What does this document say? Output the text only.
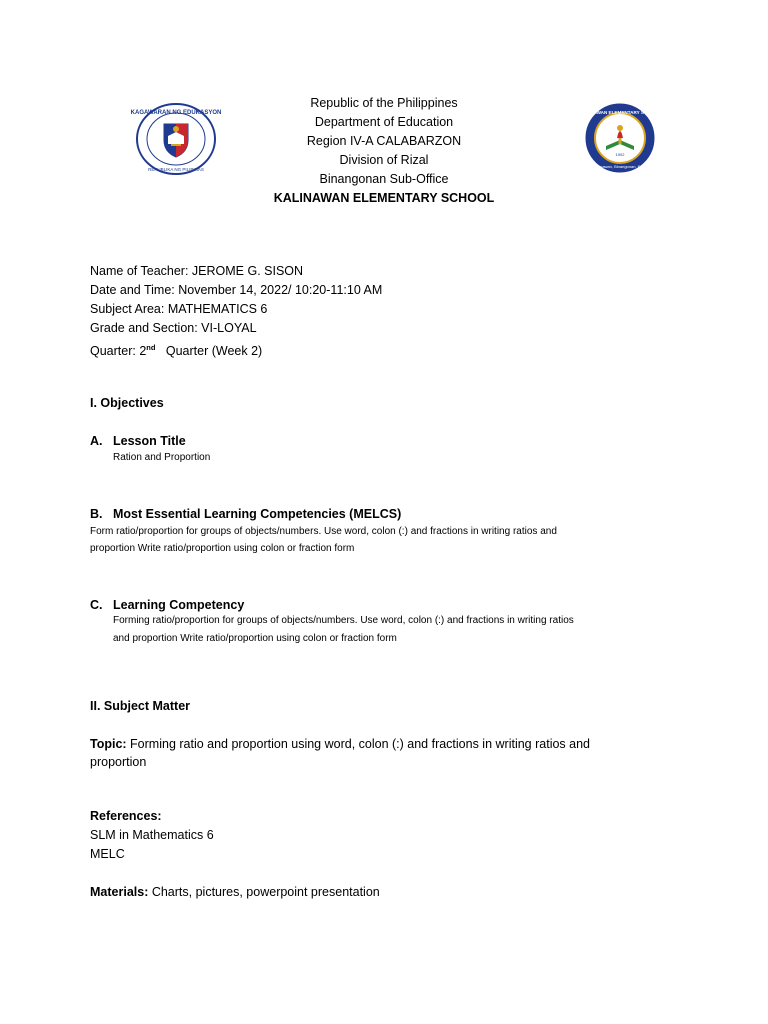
KAGAWARAN NG EDUKASYON
REPUBLIKA NG PILIPINAS
Republic of the Philippines
Department of Education
Region IV-A CALABARZON
Division of Rizal
Binangonan Sub-Office
KALINAWAN ELEMENTARY SCHOOL
KALINAWAN ELEMENTARY SCHOOL
Kalinawan, Binangonan, Rizal
1902
Name of Teacher: JEROME G. SISON
Date and Time: November 14, 2022/ 10:20-11:10 AM
Subject Area: MATHEMATICS 6
Grade and Section: VI-LOYAL
Quarter: 2nd Quarter (Week 2)
I. Objectives
A. Lesson Title
Ration and Proportion
B. Most Essential Learning Competencies (MELCS)
Form ratio/proportion for groups of objects/numbers. Use word, colon (:) and fractions in writing ratios and
proportion Write ratio/proportion using colon or fraction form
C. Learning Competency
Forming ratio/proportion for groups of objects/numbers. Use word, colon (:) and fractions in writing ratios
and proportion Write ratio/proportion using colon or fraction form
II. Subject Matter
Topic: Forming ratio and proportion using word, colon (:) and fractions in writing ratios and
proportion
References:
SLM in Mathematics 6
MELC
Materials: Charts, pictures, powerpoint presentation
